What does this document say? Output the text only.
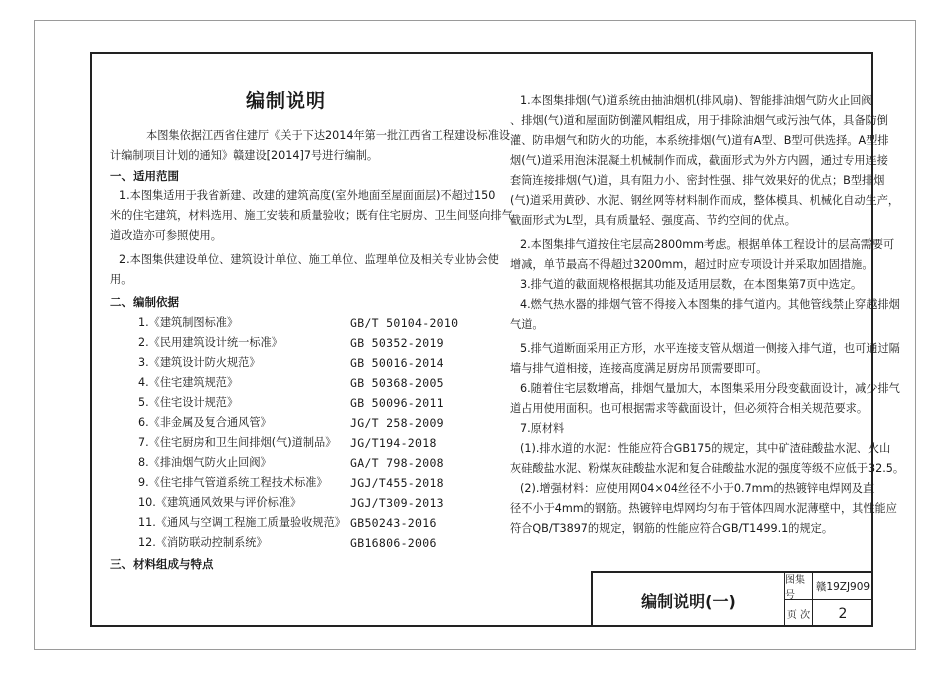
编制说明
本图集依据江西省住建厅《关于下达2014年第一批江西省工程建设标准设
计编制项目计划的通知》赣建设[2014]7号进行编制。
一、适用范围
1.本图集适用于我省新建、改建的建筑高度(室外地面至屋面面层)不超过150
米的住宅建筑，材料选用、施工安装和质量验收；既有住宅厨房、卫生间竖向排气
道改造亦可参照使用。
2.本图集供建设单位、建筑设计单位、施工单位、监理单位及相关专业协会使
用。
二、编制依据
1.《建筑制图标准》	GB/T 50104-2010
2.《民用建筑设计统一标准》	GB 50352-2019
3.《建筑设计防火规范》	GB 50016-2014
4.《住宅建筑规范》	GB 50368-2005
5.《住宅设计规范》	GB 50096-2011
6.《非金属及复合通风管》	JG/T 258-2009
7.《住宅厨房和卫生间排烟(气)道制品》 JG/T194-2018
8.《排油烟气防火止回阀》	GA/T 798-2008
9.《住宅排气管道系统工程技术标准》 JGJ/T455-2018
10.《建筑通风效果与评价标准》	JGJ/T309-2013
11.《通风与空调工程施工质量验收规范》 GB50243-2016
12.《消防联动控制系统》	GB16806-2006
三、材料组成与特点
1.本图集排烟(气)道系统由抽油烟机(排风扇)、智能排油烟气防火止回阀
、排烟(气)道和屋面防倒灌风帽组成，用于排除油烟气或污浊气体，具备防倒
灌、防串烟气和防火的功能，本系统排烟(气)道有A型、B型可供选择。A型排
烟(气)道采用泡沫混凝土机械制作而成，截面形式为外方内圆，通过专用连接
套筒连接排烟(气)道，具有阻力小、密封性强、排气效果好的优点；B型排烟
(气)道采用黄砂、水泥、钢丝网等材料制作而成，整体模具、机械化自动生产，
截面形式为L型，具有质量轻、强度高、节约空间的优点。
2.本图集排气道按住宅层高2800mm考虑。根据单体工程设计的层高需要可
增减，单节最高不得超过3200mm，超过时应专项设计并采取加固措施。
3.排气道的截面规格根据其功能及适用层数，在本图集第7页中选定。
4.燃气热水器的排烟气管不得接入本图集的排气道内。其他管线禁止穿越排烟
气道。
5.排气道断面采用正方形，水平连接支管从烟道一侧接入排气道，也可通过隔
墙与排气道相接，连接高度满足厨房吊顶需要即可。
6.随着住宅层数增高，排烟气量加大，本图集采用分段变截面设计，减少排气
道占用使用面积。也可根据需求等截面设计，但必须符合相关规范要求。
7.原材料
(1).排水道的水泥：性能应符合GB175的规定，其中矿渣硅酸盐水泥、火山
灰硅酸盐水泥、粉煤灰硅酸盐水泥和复合硅酸盐水泥的强度等级不应低于32.5。
(2).增强材料：应使用网04×04丝径不小于0.7mm的热镀锌电焊网及直
径不小于4mm的钢筋。热镀锌电焊网均匀布于管体四周水泥薄壁中，其性能应
符合QB/T3897的规定，钢筋的性能应符合GB/T1499.1的规定。
编制说明(一)
图集号
赣19ZJ909
页 次	2
